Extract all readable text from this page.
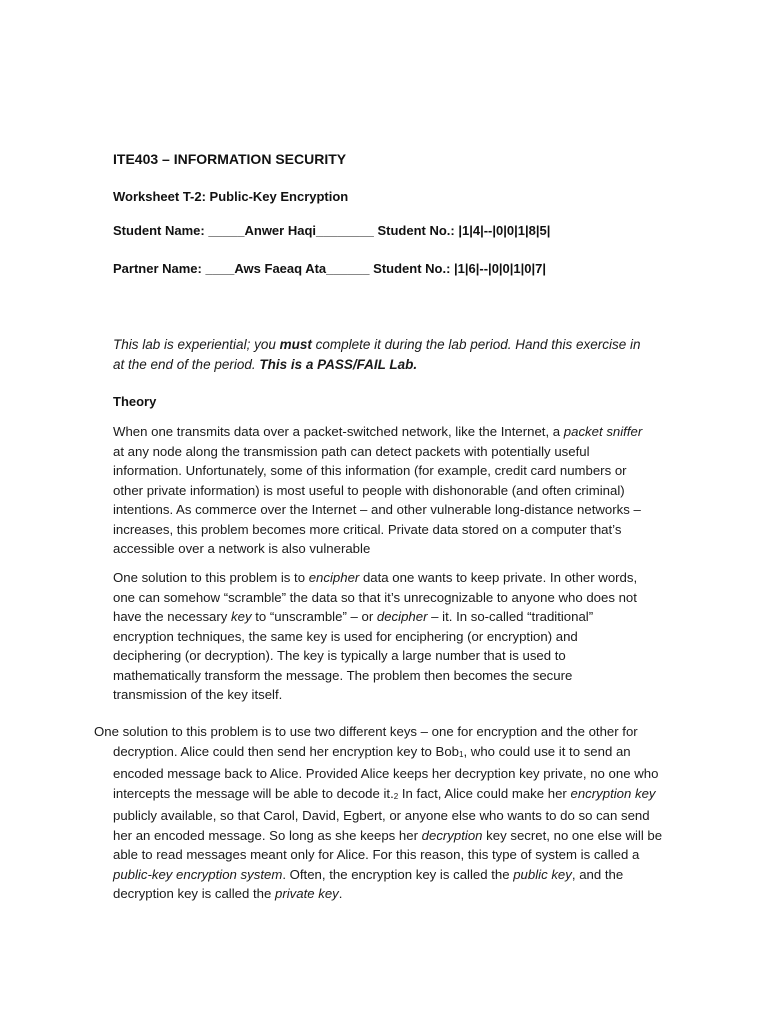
ITE403 – INFORMATION SECURITY
Worksheet T-2: Public-Key Encryption
Student Name: _____Anwer Haqi________ Student No.: |1|4|--|0|0|1|8|5|
Partner Name: ____Aws Faeaq Ata______ Student No.: |1|6|--|0|0|1|0|7|
This lab is experiential; you must complete it during the lab period. Hand this exercise in at the end of the period. This is a PASS/FAIL Lab.
Theory
When one transmits data over a packet-switched network, like the Internet, a packet sniffer at any node along the transmission path can detect packets with potentially useful information. Unfortunately, some of this information (for example, credit card numbers or other private information) is most useful to people with dishonorable (and often criminal) intentions. As commerce over the Internet – and other vulnerable long-distance networks – increases, this problem becomes more critical. Private data stored on a computer that’s accessible over a network is also vulnerable
One solution to this problem is to encipher data one wants to keep private. In other words, one can somehow “scramble” the data so that it’s unrecognizable to anyone who does not have the necessary key to “unscramble” – or decipher – it. In so-called “traditional” encryption techniques, the same key is used for enciphering (or encryption) and deciphering (or decryption). The key is typically a large number that is used to mathematically transform the message. The problem then becomes the secure transmission of the key itself.
One solution to this problem is to use two different keys – one for encryption and the other for decryption. Alice could then send her encryption key to Bob$_1$, who could use it to send an encoded message back to Alice. Provided Alice keeps her decryption key private, no one who intercepts the message will be able to decode $it._2$ In fact, Alice could make her encryption key publicly available, so that Carol, David, Egbert, or anyone else who wants to do so can send her an encoded message. So long as she keeps her decryption key secret, no one else will be able to read messages meant only for Alice. For this reason, this type of system is called a public-key encryption system. Often, the encryption key is called the public key, and the decryption key is called the private key.
